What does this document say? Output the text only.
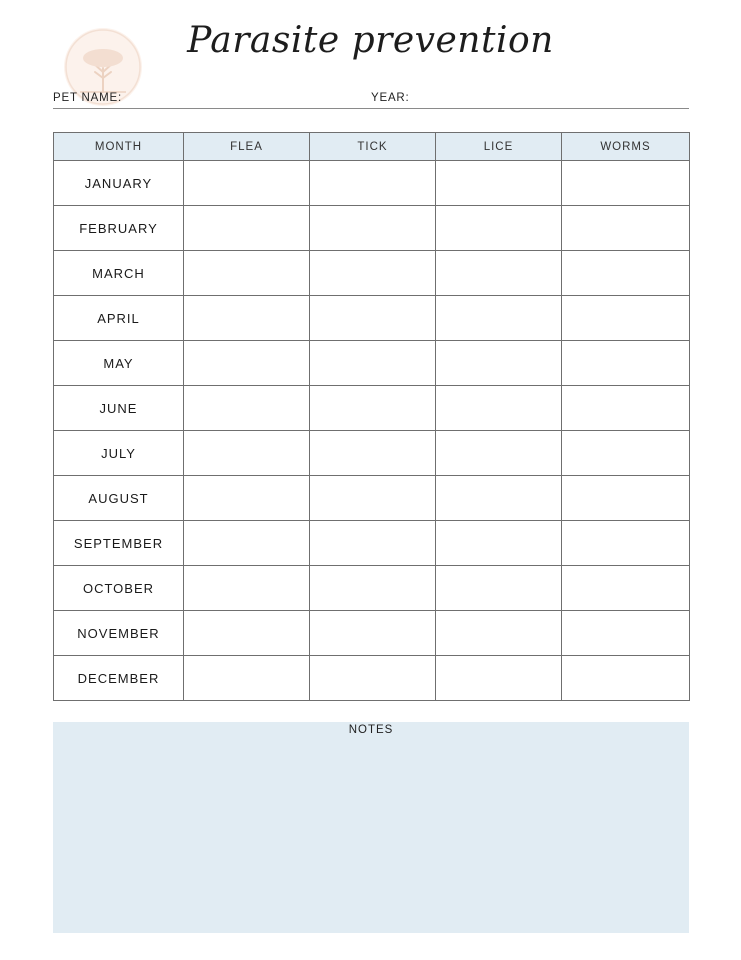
Parasite prevention
PET NAME:	YEAR:
MONTH	FLEA	TICK	LICE	WORMS
JANUARY				
FEBRUARY				
MARCH				
APRIL				
MAY				
JUNE				
JULY				
AUGUST				
SEPTEMBER				
OCTOBER				
NOVEMBER				
DECEMBER				
NOTES
